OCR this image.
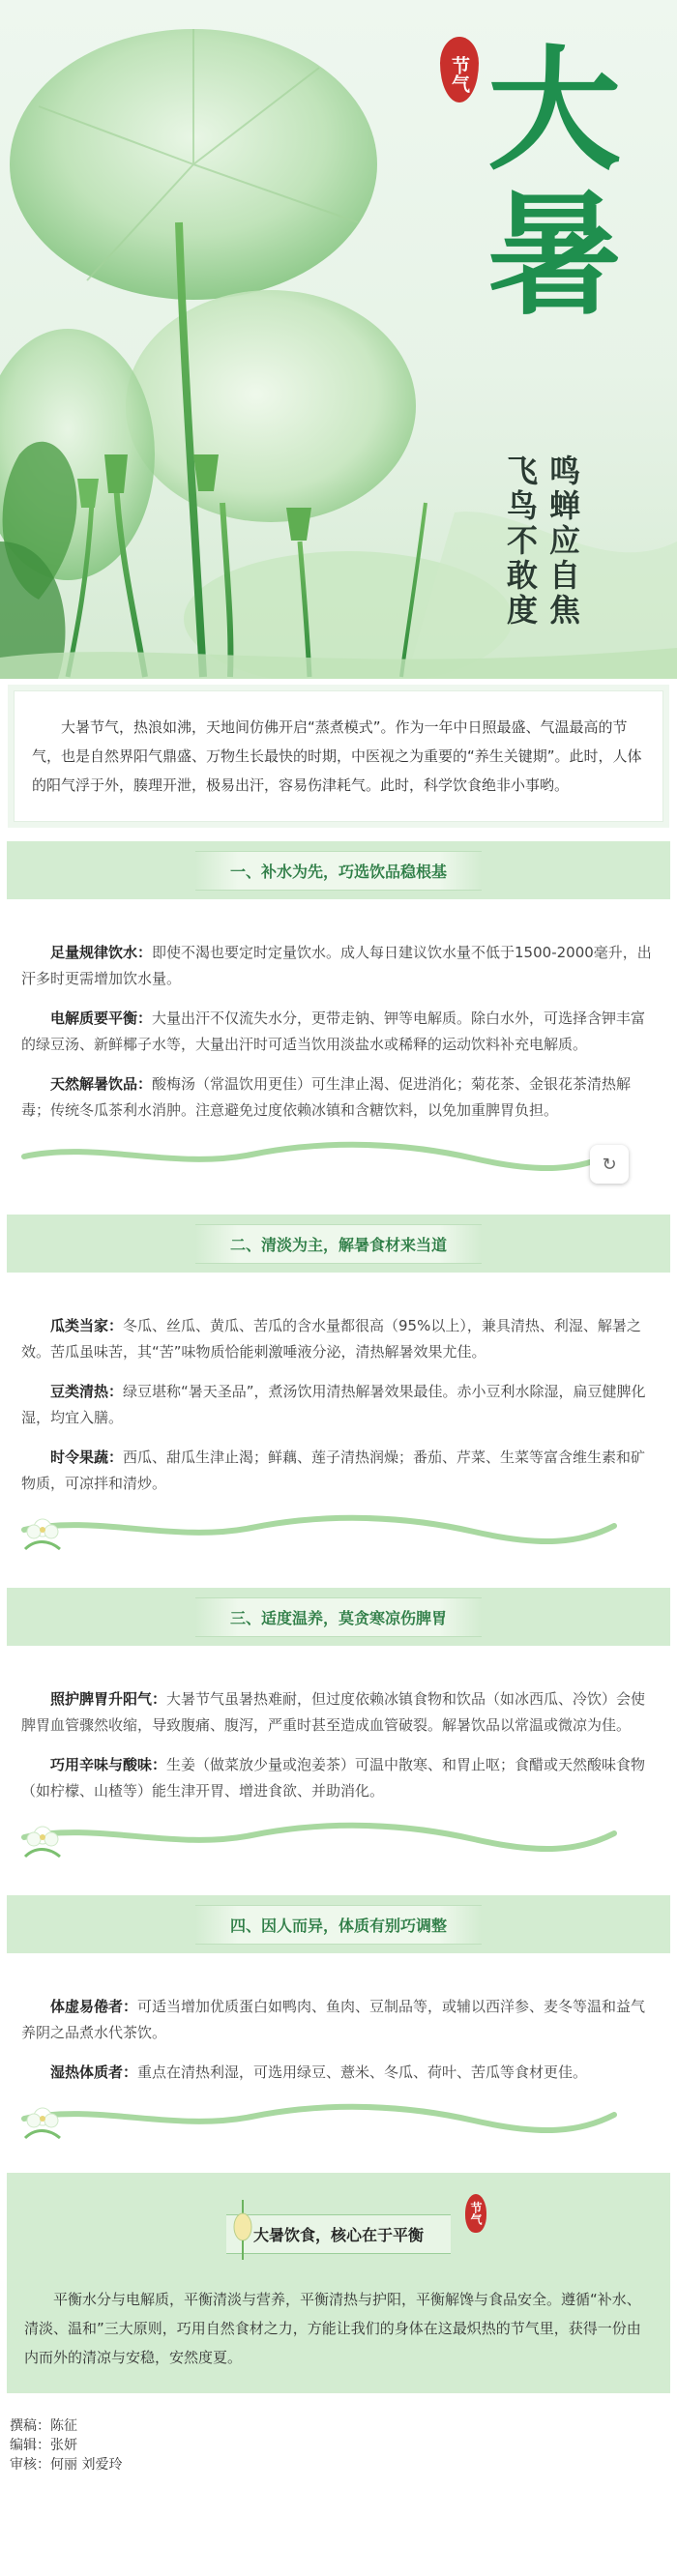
节气 大
暑
飞鸟不敢度 鸣蝉应自焦
大暑节气，热浪如沸，天地间仿佛开启“蒸煮模式”。作为一年中日照最盛、气温最高的节气，也是自然界阳气鼎盛、万物生长最快的时期，中医视之为重要的“养生关键期”。此时，人体的阳气浮于外，腠理开泄，极易出汗，容易伤津耗气。此时，科学饮食绝非小事哟。
一、补水为先，巧选饮品稳根基

足量规律饮水：即使不渴也要定时定量饮水。成人每日建议饮水量不低于1500-2000毫升，出汗多时更需增加饮水量。

电解质要平衡：大量出汗不仅流失水分，更带走钠、钾等电解质。除白水外，可选择含钾丰富的绿豆汤、新鲜椰子水等，大量出汗时可适当饮用淡盐水或稀释的运动饮料补充电解质。

天然解暑饮品：酸梅汤（常温饮用更佳）可生津止渴、促进消化；菊花茶、金银花茶清热解毒；传统冬瓜茶利水消肿。注意避免过度依赖冰镇和含糖饮料，以免加重脾胃负担。

↻
二、清淡为主，解暑食材来当道

瓜类当家：冬瓜、丝瓜、黄瓜、苦瓜的含水量都很高（95%以上），兼具清热、利湿、解暑之效。苦瓜虽味苦，其“苦”味物质恰能刺激唾液分泌，清热解暑效果尤佳。

豆类清热：绿豆堪称“暑天圣品”，煮汤饮用清热解暑效果最佳。赤小豆利水除湿，扁豆健脾化湿，均宜入膳。

时令果蔬：西瓜、甜瓜生津止渴；鲜藕、莲子清热润燥；番茄、芹菜、生菜等富含维生素和矿物质，可凉拌和清炒。

三、适度温养，莫贪寒凉伤脾胃

照护脾胃升阳气：大暑节气虽暑热难耐，但过度依赖冰镇食物和饮品（如冰西瓜、冷饮）会使脾胃血管骤然收缩，导致腹痛、腹泻，严重时甚至造成血管破裂。解暑饮品以常温或微凉为佳。

巧用辛味与酸味：生姜（做菜放少量或泡姜茶）可温中散寒、和胃止呕；食醋或天然酸味食物（如柠檬、山楂等）能生津开胃、增进食欲、并助消化。

四、因人而异，体质有别巧调整

体虚易倦者：可适当增加优质蛋白如鸭肉、鱼肉、豆制品等，或辅以西洋参、麦冬等温和益气养阴之品煮水代茶饮。

湿热体质者：重点在清热利湿，可选用绿豆、薏米、冬瓜、荷叶、苦瓜等食材更佳。

大暑饮食，核心在于平衡
节气
平衡水分与电解质，平衡清淡与营养，平衡清热与护阳，平衡解馋与食品安全。遵循“补水、清淡、温和”三大原则，巧用自然食材之力，方能让我们的身体在这最炽热的节气里，获得一份由内而外的清凉与安稳，安然度夏。
撰稿：陈征
编辑：张妍
审核：何丽 刘爱玲
